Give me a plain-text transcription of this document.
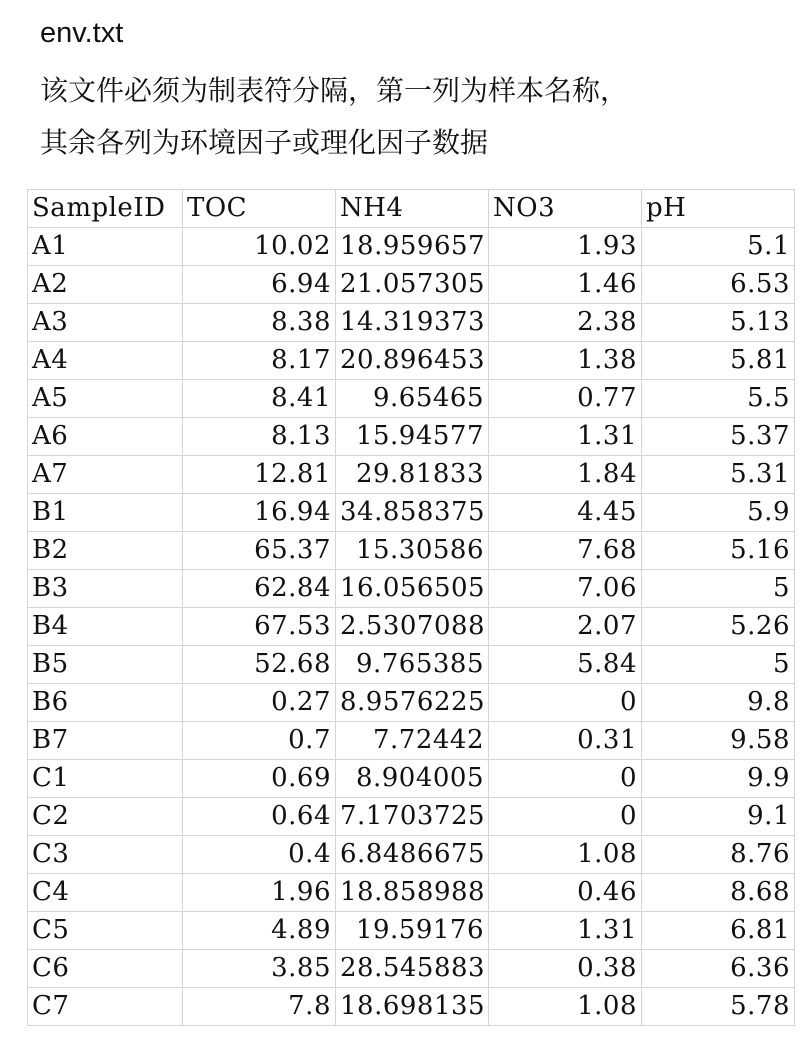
env.txt
该文件必须为制表符分隔，第一列为样本名称，
其余各列为环境因子或理化因子数据
SampleID	TOC	NH4	NO3	pH
A1	10.02	18.959657	1.93	5.1
A2	6.94	21.057305	1.46	6.53
A3	8.38	14.319373	2.38	5.13
A4	8.17	20.896453	1.38	5.81
A5	8.41	9.65465	0.77	5.5
A6	8.13	15.94577	1.31	5.37
A7	12.81	29.81833	1.84	5.31
B1	16.94	34.858375	4.45	5.9
B2	65.37	15.30586	7.68	5.16
B3	62.84	16.056505	7.06	5
B4	67.53	2.5307088	2.07	5.26
B5	52.68	9.765385	5.84	5
B6	0.27	8.9576225	0	9.8
B7	0.7	7.72442	0.31	9.58
C1	0.69	8.904005	0	9.9
C2	0.64	7.1703725	0	9.1
C3	0.4	6.8486675	1.08	8.76
C4	1.96	18.858988	0.46	8.68
C5	4.89	19.59176	1.31	6.81
C6	3.85	28.545883	0.38	6.36
C7	7.8	18.698135	1.08	5.78
